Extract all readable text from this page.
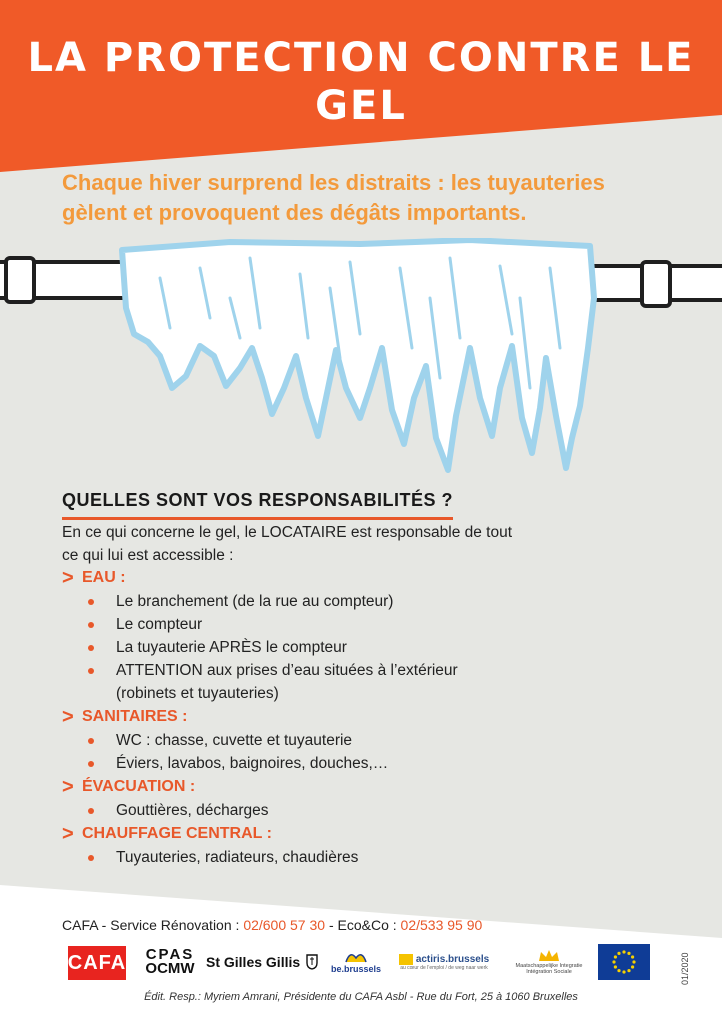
LA PROTECTION CONTRE LE GEL
Chaque hiver surprend les distraits : les tuyauteries
gèlent et provoquent des dégâts importants.
QUELLES SONT VOS RESPONSABILITÉS ?
En ce qui concerne le gel, le LOCATAIRE est responsable de tout
ce qui lui est accessible :
> EAU :
Le branchement (de la rue au compteur)
Le compteur
La tuyauterie APRÈS le compteur
ATTENTION aux prises d’eau situées à l’extérieur
(robinets et tuyauteries)
> SANITAIRES :
WC : chasse, cuvette et tuyauterie
Éviers, lavabos, baignoires, douches,…
> ÉVACUATION :
Gouttières, décharges
> CHAUFFAGE CENTRAL :
Tuyauteries, radiateurs, chaudières
CAFA - Service Rénovation : 02/600 57 30 - Eco&Co : 02/533 95 90
CAFA CPAS
OCMW St Gilles Gillis	be.brussels
actiris.brussels
au cœur de l’emploi / de weg naar werk	Maatschappelijke Integratie
Intégration Sociale	01/2020
Édit. Resp.: Myriem Amrani, Présidente du CAFA Asbl - Rue du Fort, 25 à 1060 Bruxelles
